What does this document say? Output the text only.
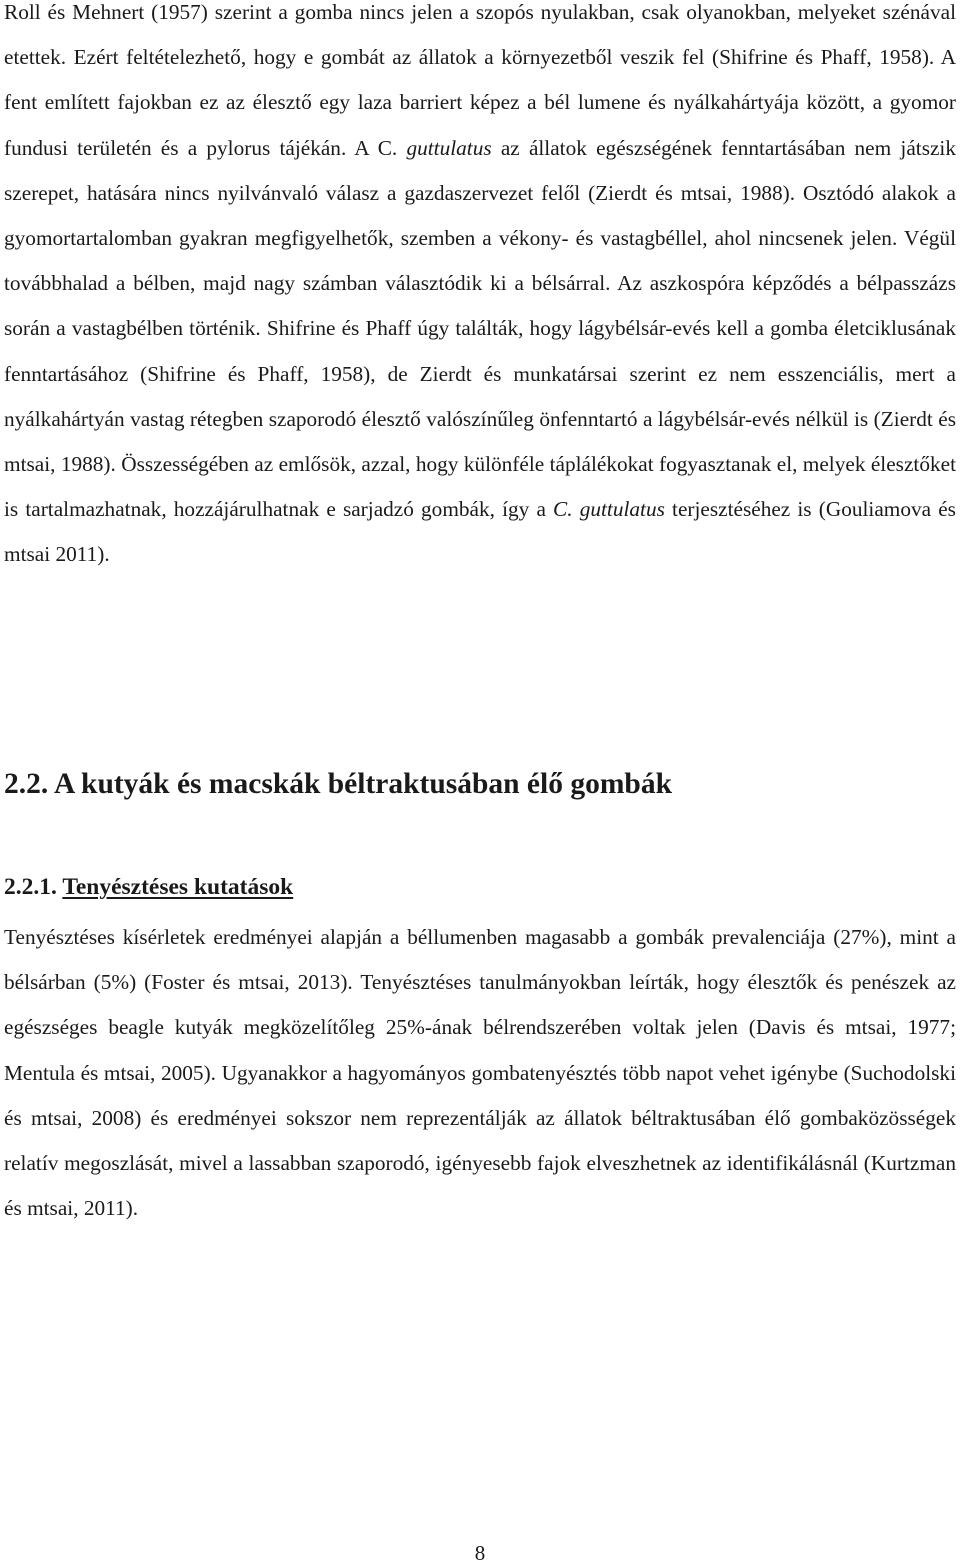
Roll és Mehnert (1957) szerint a gomba nincs jelen a szopós nyulakban, csak olyanokban, melyeket szénával etettek. Ezért feltételezhető, hogy e gombát az állatok a környezetből veszik fel (Shifrine és Phaff, 1958). A fent említett fajokban ez az élesztő egy laza barriert képez a bél lumene és nyálkahártyája között, a gyomor fundusi területén és a pylorus tájékán. A C. guttulatus az állatok egészségének fenntartásában nem játszik szerepet, hatására nincs nyilvánvaló válasz a gazdaszervezet felől (Zierdt és mtsai, 1988). Osztódó alakok a gyomortartalomban gyakran megfigyelhetők, szemben a vékony- és vastagbéllel, ahol nincsenek jelen. Végül továbbhalad a bélben, majd nagy számban választódik ki a bélsárral. Az aszkospóra képződés a bélpasszázs során a vastagbélben történik. Shifrine és Phaff úgy találták, hogy lágybélsár-evés kell a gomba életciklusának fenntartásához (Shifrine és Phaff, 1958), de Zierdt és munkatársai szerint ez nem esszenciális, mert a nyálkahártyán vastag rétegben szaporodó élesztő valószínűleg önfenntartó a lágybélsár-evés nélkül is (Zierdt és mtsai, 1988). Összességében az emlősök, azzal, hogy különféle táplálékokat fogyasztanak el, melyek élesztőket is tartalmazhatnak, hozzájárulhatnak e sarjadzó gombák, így a C. guttulatus terjesztéséhez is (Gouliamova és mtsai 2011).

2.2. A kutyák és macskák béltraktusában élő gombák
2.2.1. Tenyésztéses kutatások

Tenyésztéses kísérletek eredményei alapján a béllumenben magasabb a gombák prevalenciája (27%), mint a bélsárban (5%) (Foster és mtsai, 2013). Tenyésztéses tanulmányokban leírták, hogy élesztők és penészek az egészséges beagle kutyák megközelítőleg 25%-ának bélrendszerében voltak jelen (Davis és mtsai, 1977; Mentula és mtsai, 2005). Ugyanakkor a hagyományos gombatenyésztés több napot vehet igénybe (Suchodolski és mtsai, 2008) és eredményei sokszor nem reprezentálják az állatok béltraktusában élő gombaközösségek relatív megoszlását, mivel a lassabban szaporodó, igényesebb fajok elveszhetnek az identifikálásnál (Kurtzman és mtsai, 2011).

8
